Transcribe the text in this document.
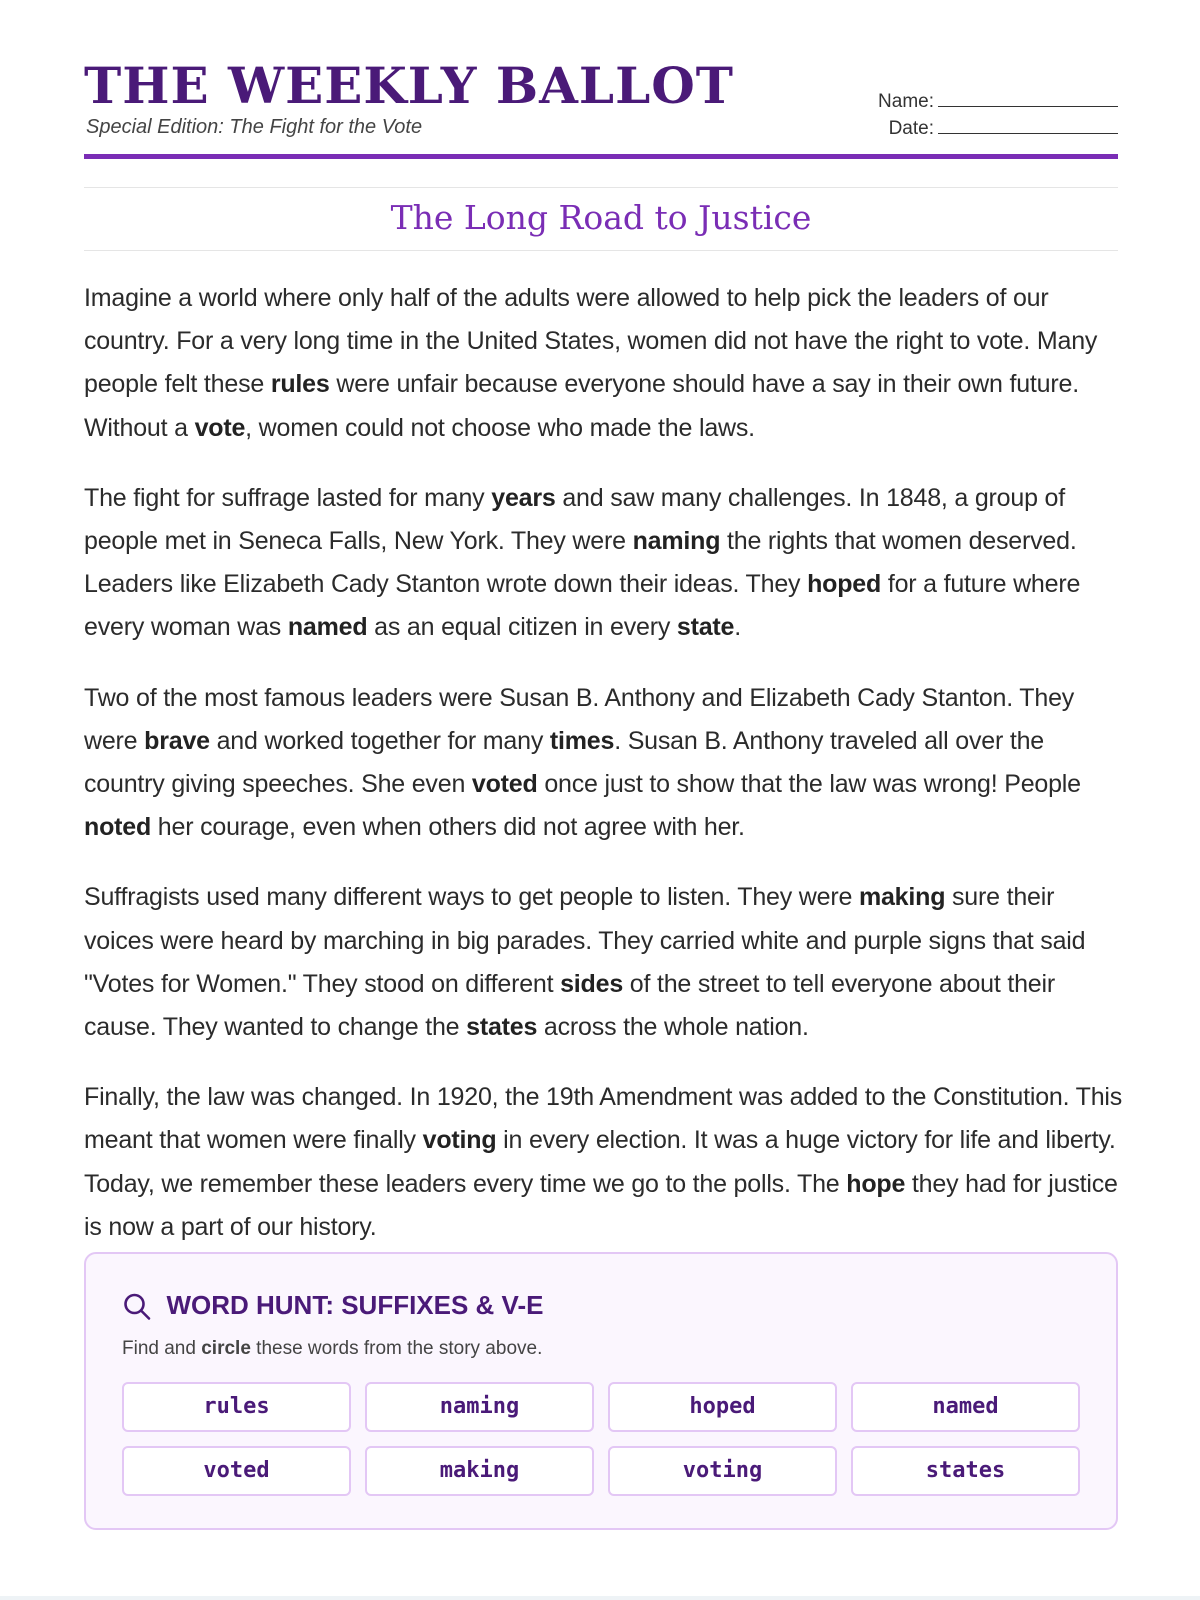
THE WEEKLY BALLOT
Special Edition: The Fight for the Vote
Name:
Date:
The Long Road to Justice

Imagine a world where only half of the adults were allowed to help pick the leaders of our country. For a very long time in the United States, women did not have the right to vote. Many people felt these rules were unfair because everyone should have a say in their own future. Without a vote, women could not choose who made the laws.

The fight for suffrage lasted for many years and saw many challenges. In 1848, a group of people met in Seneca Falls, New York. They were naming the rights that women deserved. Leaders like Elizabeth Cady Stanton wrote down their ideas. They hoped for a future where every woman was named as an equal citizen in every state.

Two of the most famous leaders were Susan B. Anthony and Elizabeth Cady Stanton. They were brave and worked together for many times. Susan B. Anthony traveled all over the country giving speeches. She even voted once just to show that the law was wrong! People noted her courage, even when others did not agree with her.

Suffragists used many different ways to get people to listen. They were making sure their voices were heard by marching in big parades. They carried white and purple signs that said "Votes for Women." They stood on different sides of the street to tell everyone about their cause. They wanted to change the states across the whole nation.

Finally, the law was changed. In 1920, the 19th Amendment was added to the Constitution. This meant that women were finally voting in every election. It was a huge victory for life and liberty. Today, we remember these leaders every time we go to the polls. The hope they had for justice is now a part of our history.

WORD HUNT: SUFFIXES & V-E
Find and circle these words from the story above.
rules	naming	hoped	named
voted	making	voting	states
